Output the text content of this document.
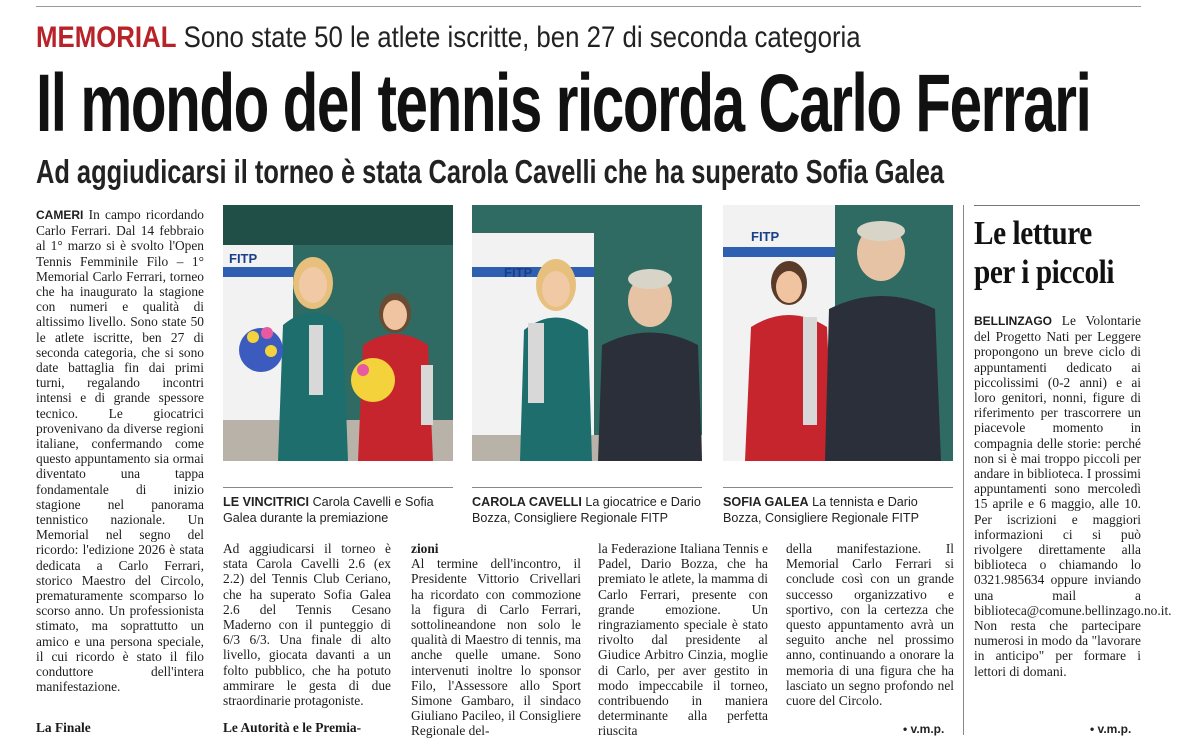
MEMORIAL Sono state 50 le atlete iscritte, ben 27 di seconda categoria
Il mondo del tennis ricorda Carlo Ferrari
Ad aggiudicarsi il torneo è stata Carola Cavelli che ha superato Sofia Galea

CAMERI In campo ricordando Carlo Ferrari. Dal 14 febbraio al 1° marzo si è svolto l'Open Tennis Femminile Filo – 1° Memorial Carlo Ferrari, torneo che ha inaugurato la stagione con numeri e qualità di altissimo livello. Sono state 50 le atlete iscritte, ben 27 di seconda categoria, che si sono date battaglia fin dai primi turni, regalando incontri intensi e di grande spessore tecnico. Le giocatrici provenivano da diverse regioni italiane, confermando come questo appuntamento sia ormai diventato una tappa fondamentale di inizio stagione nel panorama tennistico nazionale. Un Memorial nel segno del ricordo: l'edizione 2026 è stata dedicata a Carlo Ferrari, storico Maestro del Circolo, prematuramente scomparso lo scorso anno. Un professionista stimato, ma soprattutto un amico e una persona speciale, il cui ricordo è stato il filo conduttore dell'intera manifestazione.

La Finale
FITP
FITP
FITP
LE VINCITRICI Carola Cavelli e Sofia Galea durante la premiazione
CAROLA CAVELLI La giocatrice e Dario Bozza, Consigliere Regionale FITP
SOFIA GALEA La tennista e Dario Bozza, Consigliere Regionale FITP
Ad aggiudicarsi il torneo è stata Carola Cavelli 2.6 (ex 2.2) del Tennis Club Ceriano, che ha superato Sofia Galea 2.6 del Tennis Cesano Maderno con il punteggio di 6/3 6/3. Una finale di alto livello, giocata davanti a un folto pubblico, che ha potuto ammirare le gesta di due straordinarie protagoniste.
Le Autorità e le Premia-

zioni

Al termine dell'incontro, il Presidente Vittorio Crivellari ha ricordato con commozione la figura di Carlo Ferrari, sottolineandone non solo le qualità di Maestro di tennis, ma anche quelle umane. Sono intervenuti inoltre lo sponsor Filo, l'Assessore allo Sport Simone Gambaro, il sindaco Giuliano Pacileo, il Consigliere Regionale del-

la Federazione Italiana Tennis e Padel, Dario Bozza, che ha premiato le atlete, la mamma di Carlo Ferrari, presente con grande emozione. Un ringraziamento speciale è stato rivolto dal presidente al Giudice Arbitro Cinzia, moglie di Carlo, per aver gestito in modo impeccabile il torneo, contribuendo in maniera determinante alla perfetta riuscita
della manifestazione. Il Memorial Carlo Ferrari si conclude così con un grande successo organizzativo e sportivo, con la certezza che questo appuntamento avrà un seguito anche nel prossimo anno, continuando a onorare la memoria di una figura che ha lasciato un segno profondo nel cuore del Circolo.
• v.m.p.
Le letture per i piccoli

BELLINZAGO Le Volontarie del Progetto Nati per Leggere propongono un breve ciclo di appuntamenti dedicato ai piccolissimi (0-2 anni) e ai loro genitori, nonni, figure di riferimento per trascorrere un piacevole momento in compagnia delle storie: perché non si è mai troppo piccoli per andare in biblioteca. I prossimi appuntamenti sono mercoledì 15 aprile e 6 maggio, alle 10. Per iscrizioni e maggiori informazioni ci si può rivolgere direttamente alla biblioteca o chiamando lo 0321.985634 oppure inviando una mail a biblioteca@comune.bellinzago.no.it. Non resta che partecipare numerosi in modo da "lavorare in anticipo" per formare i lettori di domani.

• v.m.p.
